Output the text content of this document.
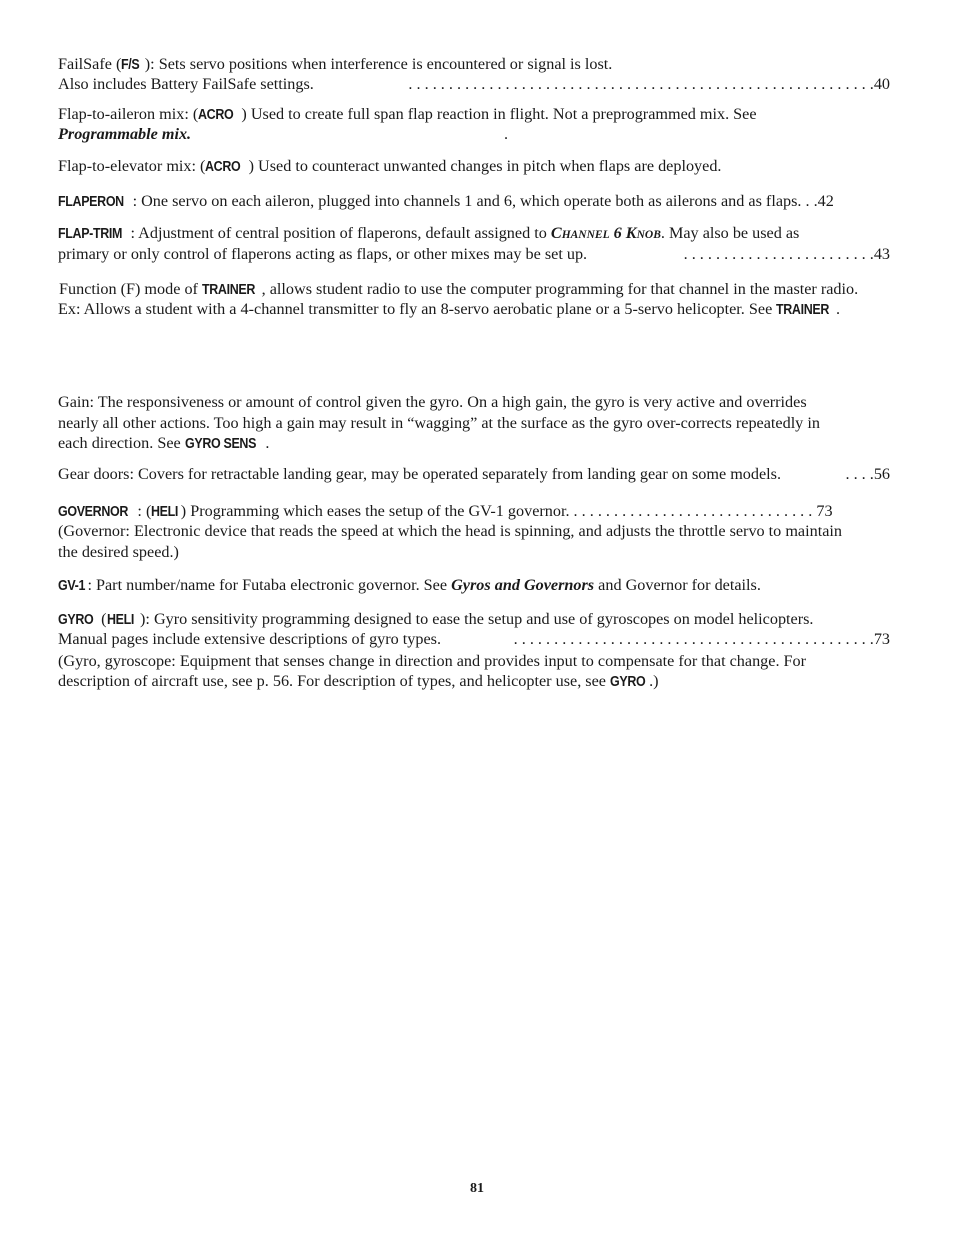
FailSafe (F/S ): Sets servo positions when interference is encountered or signal is lost.
Also includes Battery FailSafe settings.	. . . . . . . . . . . . . . . . . . . . . . . . . . . . . . . . . . . . . . . . . . . . . . . . . . . . . . . . . .40
Flap-to-aileron mix: (ACRO ) Used to create full span flap reaction in flight. Not a preprogrammed mix. See
Programmable mix.	.
Flap-to-elevator mix: (ACRO ) Used to counteract unwanted changes in pitch when flaps are deployed.
FLAPERON : One servo on each aileron, plugged into channels 1 and 6, which operate both as ailerons and as flaps. . .42
FLAP-TRIM : Adjustment of central position of flaperons, default assigned to CHANNEL 6 KNOB. May also be used as
primary or only control of flaperons acting as flaps, or other mixes may be set up.	. . . . . . . . . . . . . . . . . . . . . . . .43
Function (F) mode of TRAINER , allows student radio to use the computer programming for that channel in the master radio.
Ex: Allows a student with a 4-channel transmitter to fly an 8-servo aerobatic plane or a 5-servo helicopter. See TRAINER .
Gain: The responsiveness or amount of control given the gyro. On a high gain, the gyro is very active and overrides
nearly all other actions. Too high a gain may result in “wagging” at the surface as the gyro over-corrects repeatedly in
each direction. See GYRO SENS .
Gear doors: Covers for retractable landing gear, may be operated separately from landing gear on some models.	. . . .56
GOVERNOR : (HELI ) Programming which eases the setup of the GV-1 governor. . . . . . . . . . . . . . . . . . . . . . . . . . . . . . . 73
(Governor: Electronic device that reads the speed at which the head is spinning, and adjusts the throttle servo to maintain
the desired speed.)
GV-1 : Part number/name for Futaba electronic governor. See Gyros and Governors and Governor for details.
GYRO (HELI ): Gyro sensitivity programming designed to ease the setup and use of gyroscopes on model helicopters.
Manual pages include extensive descriptions of gyro types.	. . . . . . . . . . . . . . . . . . . . . . . . . . . . . . . . . . . . . . . . . . . . .73
(Gyro, gyroscope: Equipment that senses change in direction and provides input to compensate for that change. For
description of aircraft use, see p. 56. For description of types, and helicopter use, see GYRO .)
81
